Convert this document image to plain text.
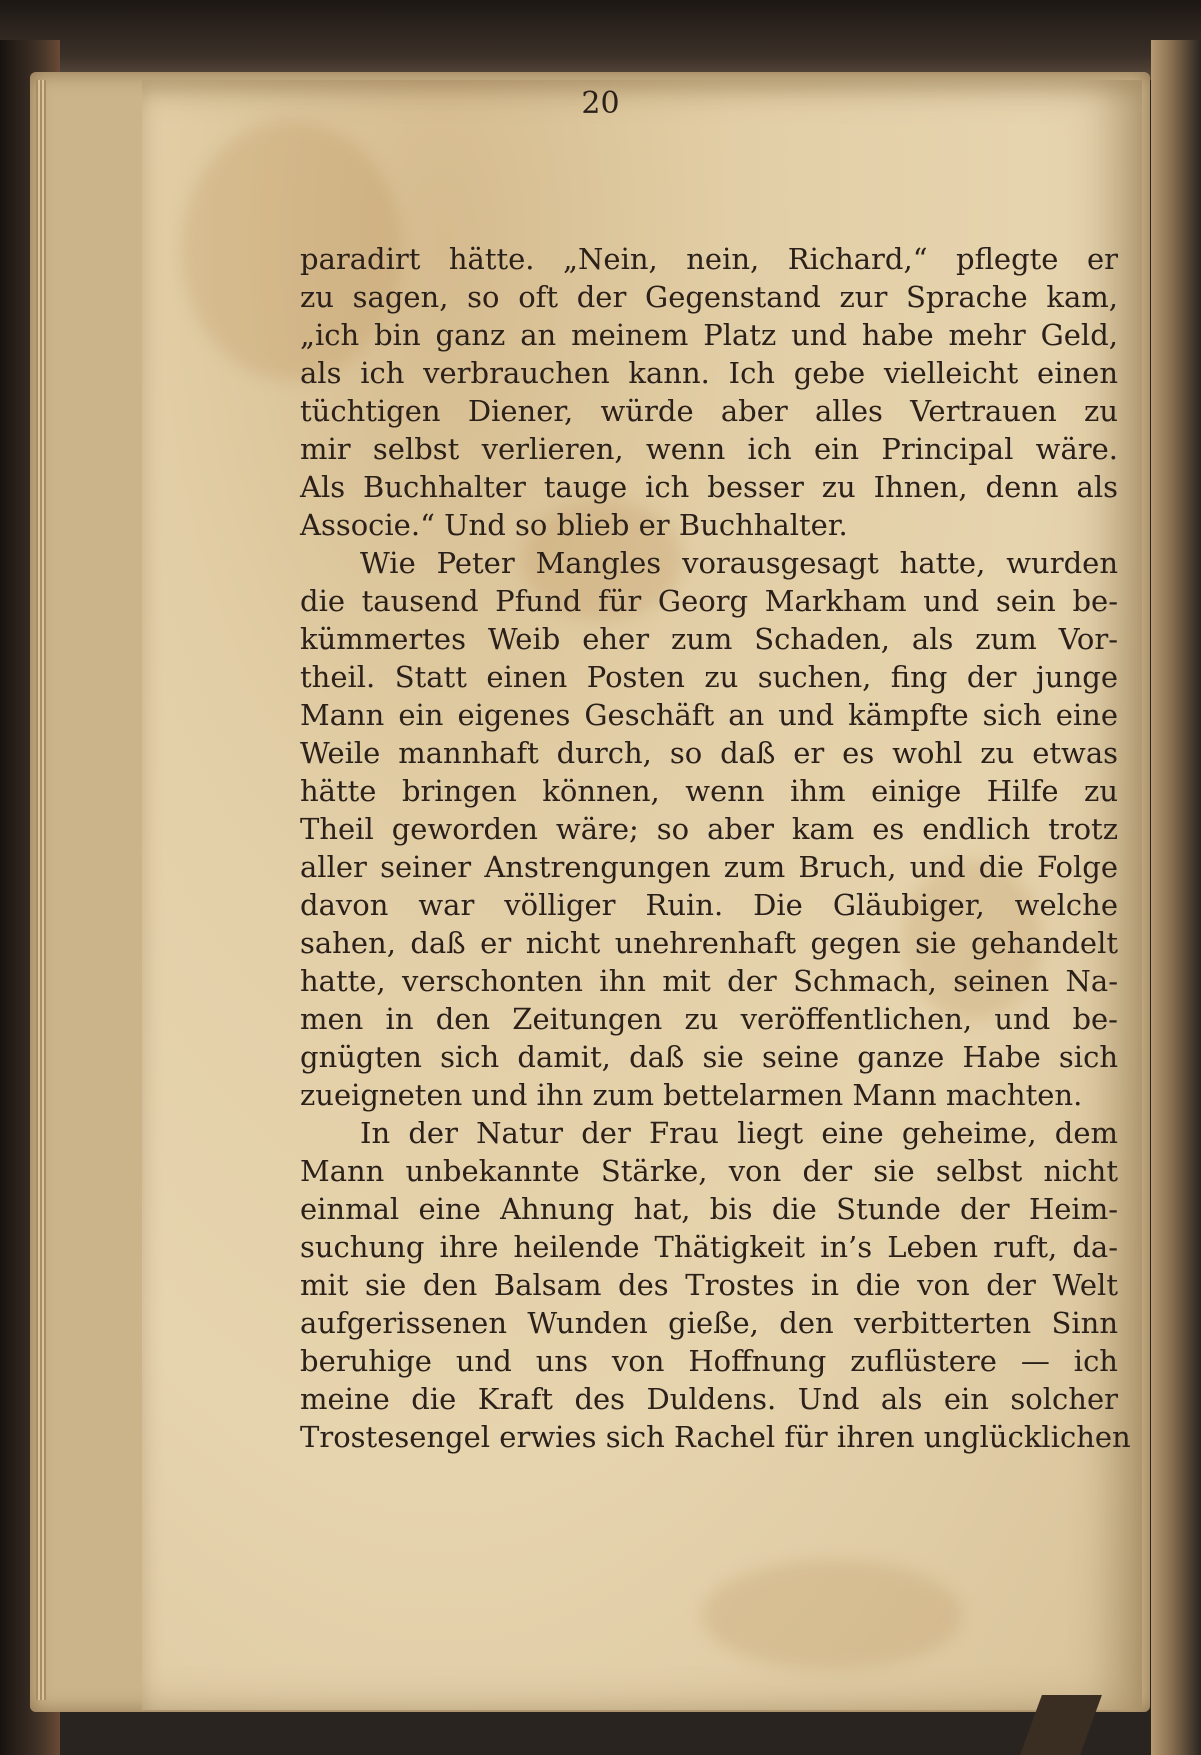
20
paradirt hätte. „Nein, nein, Richard,“ pflegte er
zu sagen, so oft der Gegenstand zur Sprache kam,
„ich bin ganz an meinem Platz und habe mehr Geld,
als ich verbrauchen kann. Ich gebe vielleicht einen
tüchtigen Diener, würde aber alles Vertrauen zu
mir selbst verlieren, wenn ich ein Principal wäre.
Als Buchhalter tauge ich besser zu Ihnen, denn als
Associe.“ Und so blieb er Buchhalter.
Wie Peter Mangles vorausgesagt hatte, wurden
die tausend Pfund für Georg Markham und sein be-
kümmertes Weib eher zum Schaden, als zum Vor-
theil. Statt einen Posten zu suchen, fing der junge
Mann ein eigenes Geschäft an und kämpfte sich eine
Weile mannhaft durch, so daß er es wohl zu etwas
hätte bringen können, wenn ihm einige Hilfe zu
Theil geworden wäre; so aber kam es endlich trotz
aller seiner Anstrengungen zum Bruch, und die Folge
davon war völliger Ruin. Die Gläubiger, welche
sahen, daß er nicht unehrenhaft gegen sie gehandelt
hatte, verschonten ihn mit der Schmach, seinen Na-
men in den Zeitungen zu veröffentlichen, und be-
gnügten sich damit, daß sie seine ganze Habe sich
zueigneten und ihn zum bettelarmen Mann machten.
In der Natur der Frau liegt eine geheime, dem
Mann unbekannte Stärke, von der sie selbst nicht
einmal eine Ahnung hat, bis die Stunde der Heim-
suchung ihre heilende Thätigkeit in’s Leben ruft, da-
mit sie den Balsam des Trostes in die von der Welt
aufgerissenen Wunden gieße, den verbitterten Sinn
beruhige und uns von Hoffnung zuflüstere — ich
meine die Kraft des Duldens. Und als ein solcher
Trostesengel erwies sich Rachel für ihren unglücklichen
